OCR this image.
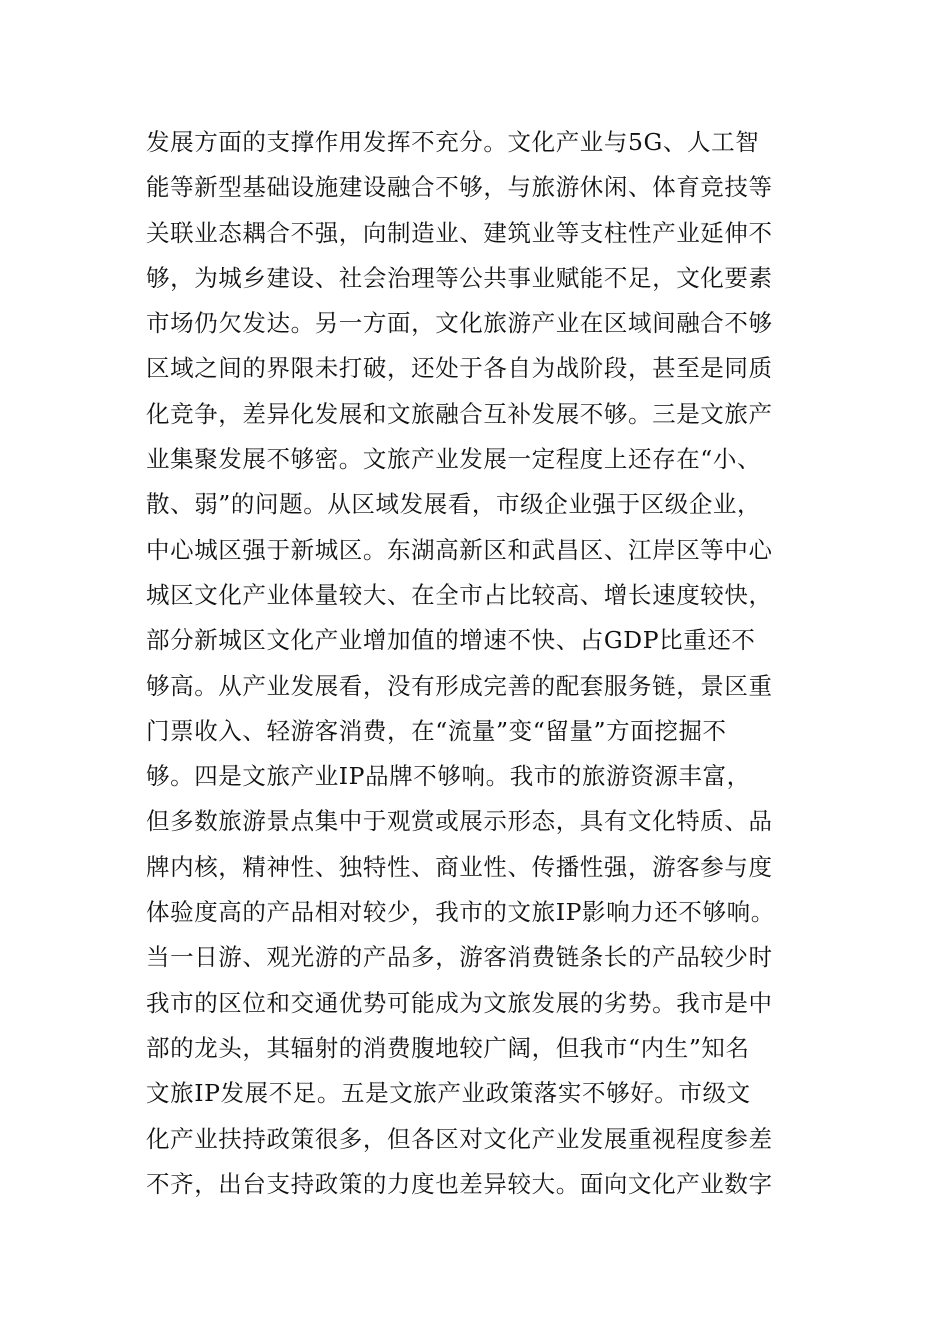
发展方面的支撑作用发挥不充分。文化产业与5G、人工智
能等新型基础设施建设融合不够，与旅游休闲、体育竞技等
关联业态耦合不强，向制造业、建筑业等支柱性产业延伸不
够，为城乡建设、社会治理等公共事业赋能不足，文化要素
市场仍欠发达。另一方面，文化旅游产业在区域间融合不够
区域之间的界限未打破，还处于各自为战阶段，甚至是同质
化竞争，差异化发展和文旅融合互补发展不够。三是文旅产
业集聚发展不够密。文旅产业发展一定程度上还存在“小、
散、弱”的问题。从区域发展看，市级企业强于区级企业，
中心城区强于新城区。东湖高新区和武昌区、江岸区等中心
城区文化产业体量较大、在全市占比较高、增长速度较快，
部分新城区文化产业增加值的增速不快、占GDP比重还不
够高。从产业发展看，没有形成完善的配套服务链，景区重
门票收入、轻游客消费，在“流量”变“留量”方面挖掘不
够。四是文旅产业IP品牌不够响。我市的旅游资源丰富，
但多数旅游景点集中于观赏或展示形态，具有文化特质、品
牌内核，精神性、独特性、商业性、传播性强，游客参与度
体验度高的产品相对较少，我市的文旅IP影响力还不够响。
当一日游、观光游的产品多，游客消费链条长的产品较少时
我市的区位和交通优势可能成为文旅发展的劣势。我市是中
部的龙头，其辐射的消费腹地较广阔，但我市“内生”知名
文旅IP发展不足。五是文旅产业政策落实不够好。市级文
化产业扶持政策很多，但各区对文化产业发展重视程度参差
不齐，出台支持政策的力度也差异较大。面向文化产业数字
